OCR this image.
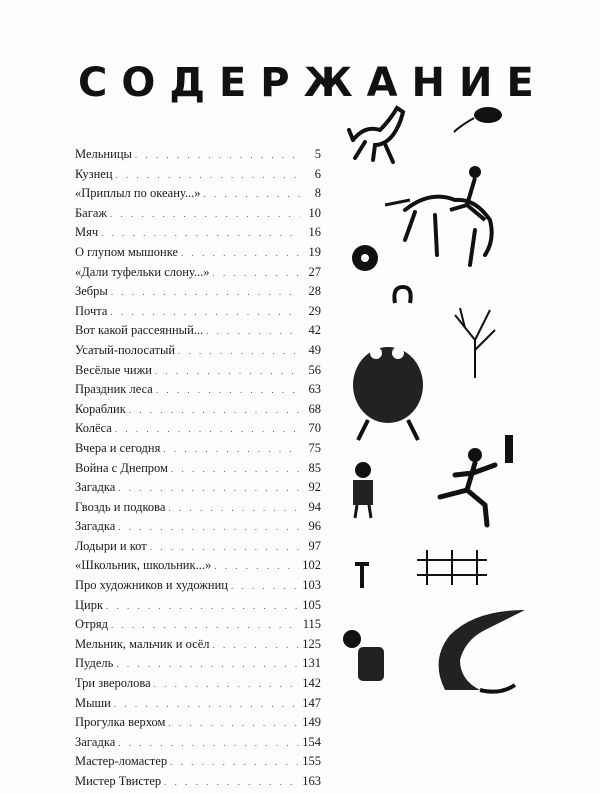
СОДЕРЖАНИЕ
Мельницы . . .	5
Кузнец . . .	6
«Приплыл по океану...» . . .	8
Багаж . . .	10
Мяч . . .	16
О глупом мышонке . . .	19
«Дали туфельки слону...» . . .	27
Зебры . . .	28
Почта . . .	29
Вот какой рассеянный... . . .	42
Усатый-полосатый . . .	49
Весёлые чижи . . .	56
Праздник леса . . .	63
Кораблик . . .	68
Колёса . . .	70
Вчера и сегодня . . .	75
Война с Днепром . . .	85
Загадка . . .	92
Гвоздь и подкова . . .	94
Загадка . . .	96
Лодыри и кот . . .	97
«Школьник, школьник...» . . .	102
Про художников и художниц . . .	103
Цирк . . .	105
Отряд . . .	115
Мельник, мальчик и осёл . . .	125
Пудель . . .	131
Три зверолова . . .	142
Мыши . . .	147
Прогулка верхом . . .	149
Загадка . . .	154
Мастер-ломастер . . .	155
Мистер Твистер . . .	163
